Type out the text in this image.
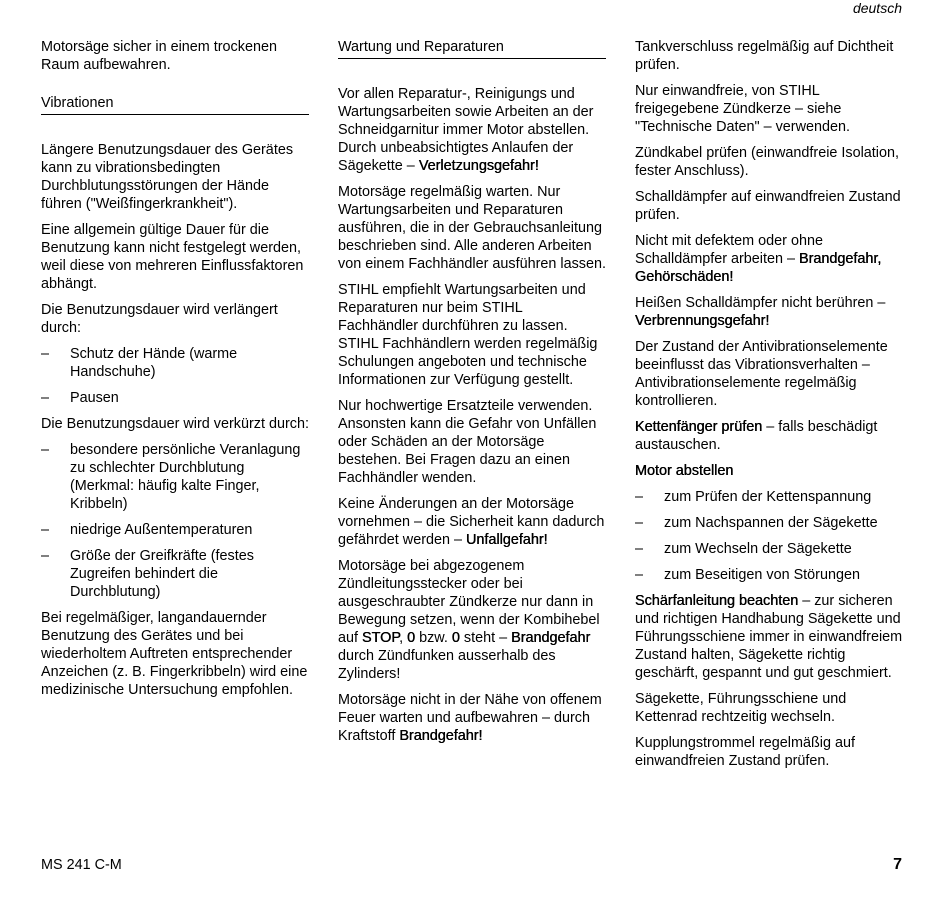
deutsch

Motorsäge sicher in einem trockenen Raum aufbewahren.

Vibrationen

Längere Benutzungsdauer des Gerätes kann zu vibrationsbedingten Durchblutungsstörungen der Hände führen ("Weißfingerkrankheit").

Eine allgemein gültige Dauer für die Benutzung kann nicht festgelegt werden, weil diese von mehreren Einflussfaktoren abhängt.

Die Benutzungsdauer wird verlängert durch:

–	Schutz der Hände (warme Handschuhe)
–	Pausen

Die Benutzungsdauer wird verkürzt durch:

–	besondere persönliche Veranlagung zu schlechter Durchblutung (Merkmal: häufig kalte Finger, Kribbeln)
–	niedrige Außentemperaturen
–	Größe der Greifkräfte (festes Zugreifen behindert die Durchblutung)

Bei regelmäßiger, langandauernder Benutzung des Gerätes und bei wiederholtem Auftreten entsprechender Anzeichen (z. B. Fingerkribbeln) wird eine medizinische Untersuchung empfohlen.

Wartung und Reparaturen

Vor allen Reparatur-, Reinigungs und Wartungsarbeiten sowie Arbeiten an der Schneidgarnitur immer Motor abstellen. Durch unbeabsichtigtes Anlaufen der Sägekette – Verletzungsgefahr!

Motorsäge regelmäßig warten. Nur Wartungsarbeiten und Reparaturen ausführen, die in der Gebrauchsanleitung beschrieben sind. Alle anderen Arbeiten von einem Fachhändler ausführen lassen.

STIHL empfiehlt Wartungsarbeiten und Reparaturen nur beim STIHL Fachhändler durchführen zu lassen. STIHL Fachhändlern werden regelmäßig Schulungen angeboten und technische Informationen zur Verfügung gestellt.

Nur hochwertige Ersatzteile verwenden. Ansonsten kann die Gefahr von Unfällen oder Schäden an der Motorsäge bestehen. Bei Fragen dazu an einen Fachhändler wenden.

Keine Änderungen an der Motorsäge vornehmen – die Sicherheit kann dadurch gefährdet werden – Unfallgefahr!

Motorsäge bei abgezogenem Zündleitungsstecker oder bei ausgeschraubter Zündkerze nur dann in Bewegung setzen, wenn der Kombihebel auf STOP, 0 bzw. 0 steht – Brandgefahr durch Zündfunken ausserhalb des Zylinders!

Motorsäge nicht in der Nähe von offenem Feuer warten und aufbewahren – durch Kraftstoff Brandgefahr!

Tankverschluss regelmäßig auf Dichtheit prüfen.

Nur einwandfreie, von STIHL freigegebene Zündkerze – siehe "Technische Daten" – verwenden.

Zündkabel prüfen (einwandfreie Isolation, fester Anschluss).

Schalldämpfer auf einwandfreien Zustand prüfen.

Nicht mit defektem oder ohne Schalldämpfer arbeiten – Brandgefahr, Gehörschäden!

Heißen Schalldämpfer nicht berühren – Verbrennungsgefahr!

Der Zustand der Antivibrationselemente beeinflusst das Vibrationsverhalten – Antivibrationselemente regelmäßig kontrollieren.

Kettenfänger prüfen – falls beschädigt austauschen.

Motor abstellen

–	zum Prüfen der Kettenspannung
–	zum Nachspannen der Sägekette
–	zum Wechseln der Sägekette
–	zum Beseitigen von Störungen

Schärfanleitung beachten – zur sicheren und richtigen Handhabung Sägekette und Führungsschiene immer in einwandfreiem Zustand halten, Sägekette richtig geschärft, gespannt und gut geschmiert.

Sägekette, Führungsschiene und Kettenrad rechtzeitig wechseln.

Kupplungstrommel regelmäßig auf einwandfreien Zustand prüfen.

MS 241 C-M	7
